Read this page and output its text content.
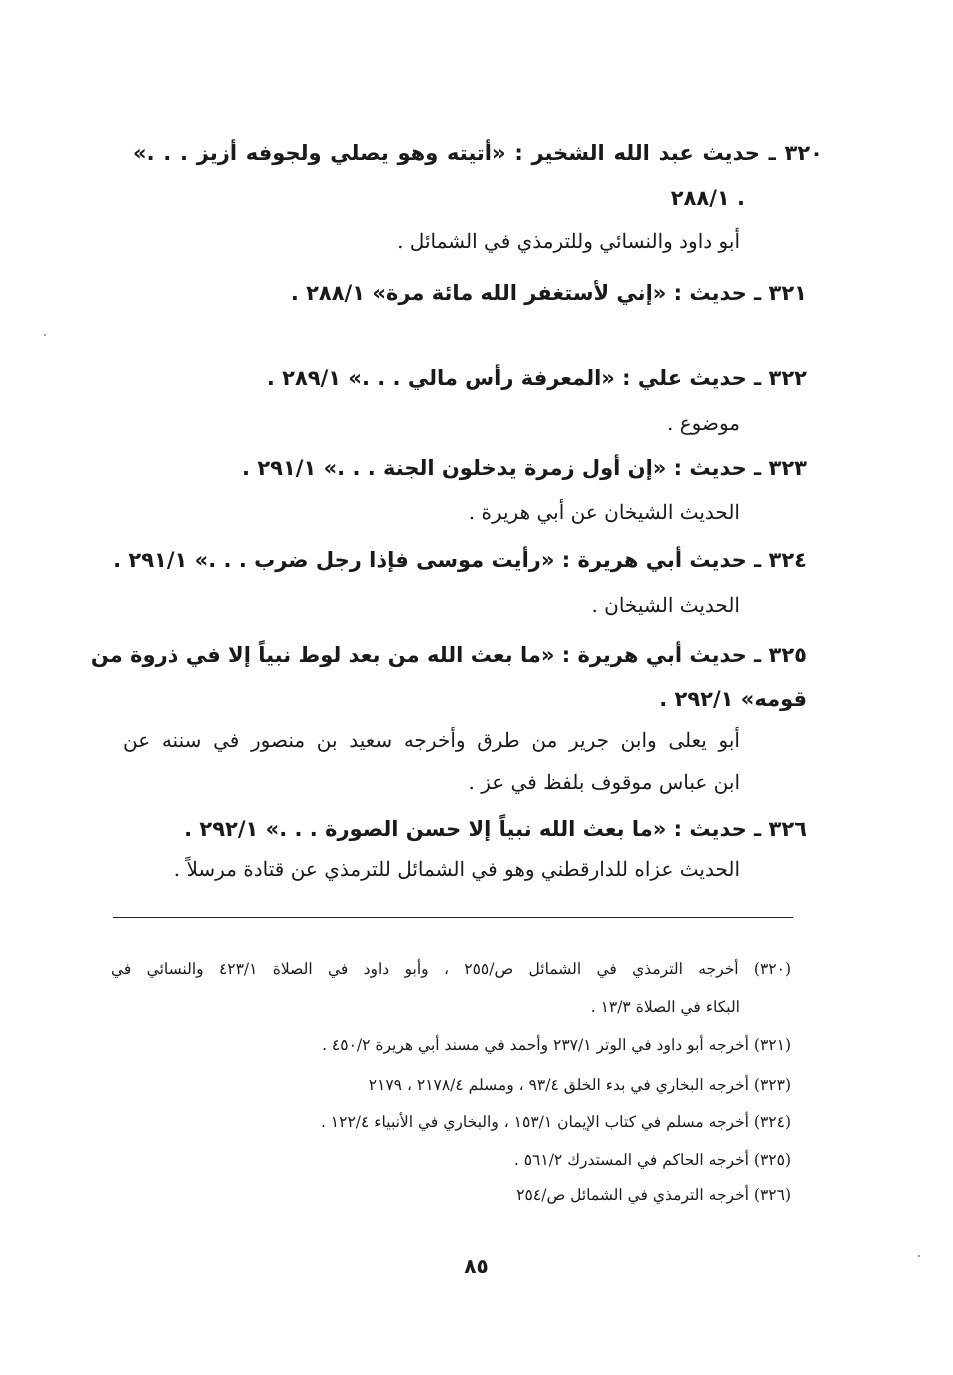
٣٢٠ ـ حديث عبد الله الشخير : «أتيته وهو يصلي ولجوفه أزيز . . .»
. ٢٨٨/١
أبو داود والنسائي وللترمذي في الشمائل .
٣٢١ ـ حديث : «إني لأستغفر الله مائة مرة» ٢٨٨/١ .
٣٢٢ ـ حديث علي : «المعرفة رأس مالي . . .» ٢٨٩/١ .
موضوع .
٣٢٣ ـ حديث : «إن أول زمرة يدخلون الجنة . . .» ٢٩١/١ .
الحديث الشيخان عن أبي هريرة .
٣٢٤ ـ حديث أبي هريرة : «رأيت موسى فإذا رجل ضرب . . .» ٢٩١/١ .
الحديث الشيخان .
٣٢٥ ـ حديث أبي هريرة : «ما بعث الله من بعد لوط نبياً إلا في ذروة من
قومه» ٢٩٢/١ .
أبو يعلى وابن جرير من طرق وأخرجه سعيد بن منصور في سننه عن
ابن عباس موقوف بلفظ في عز .
٣٢٦ ـ حديث : «ما بعث الله نبياً إلا حسن الصورة . . .» ٢٩٢/١ .
الحديث عزاه للدارقطني وهو في الشمائل للترمذي عن قتادة مرسلاً .
(٣٢٠) أخرجه الترمذي في الشمائل ص/٢٥٥ ، وأبو داود في الصلاة ٤٢٣/١ والنسائي في
البكاء في الصلاة ١٣/٣ .
(٣٢١) أخرجه أبو داود في الوتر ٢٣٧/١ وأحمد في مسند أبي هريرة ٤٥٠/٢ .
(٣٢٣) أخرجه البخاري في بدء الخلق ٩٣/٤ ، ومسلم ٢١٧٨/٤ ، ٢١٧٩
(٣٢٤) أخرجه مسلم في كتاب الإيمان ١٥٣/١ ، والبخاري في الأنبياء ١٢٢/٤ .
(٣٢٥) أخرجه الحاكم في المستدرك ٥٦١/٢ .
(٣٢٦) أخرجه الترمذي في الشمائل ص/٢٥٤
٨٥
